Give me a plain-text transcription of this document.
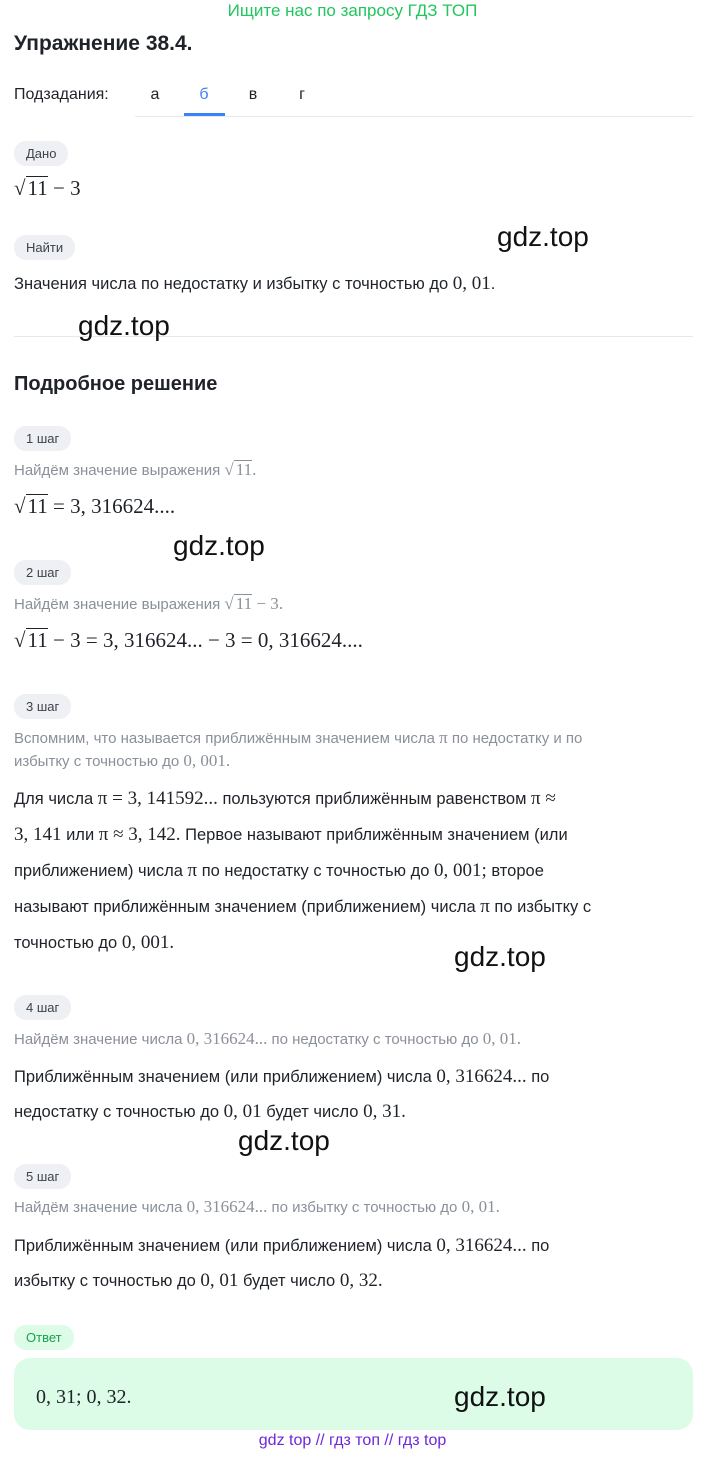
Ищите нас по запросу ГДЗ ТОП
Упражнение 38.4.
Подзадания:	а	б	в	г
Дано
√11 − 3
Найти
Значения числа по недостатку и избытку с точностью до 0, 01.
Подробное решение
1 шаг
Найдём значение выражения √ 11.
√11 = 3, 316624....
2 шаг
Найдём значение выражения √ 11 − 3.
√11 − 3 = 3, 316624... − 3 = 0, 316624....
3 шаг
Вспомним, что называется приближённым значением числа π по недостатку и по
избытку с точностью до 0, 001.
Для числа π = 3, 141592... пользуются приближённым равенством π ≈
3, 141 или π ≈ 3, 142. Первое называют приближённым значением (или
приближением) числа π по недостатку с точностью до 0, 001; второе
называют приближённым значением (приближением) числа π по избытку с
точностью до 0, 001.
4 шаг
Найдём значение числа 0, 316624... по недостатку с точностью до 0, 01.
Приближённым значением (или приближением) числа 0, 316624... по
недостатку с точностью до 0, 01 будет число 0, 31.
5 шаг
Найдём значение числа 0, 316624... по избытку с точностью до 0, 01.
Приближённым значением (или приближением) числа 0, 316624... по
избытку с точностью до 0, 01 будет число 0, 32.
Ответ
0, 31; 0, 32.
gdz.top
gdz.top
gdz.top
gdz.top
gdz.top
gdz.top
gdz top // гдз топ // гдз top
